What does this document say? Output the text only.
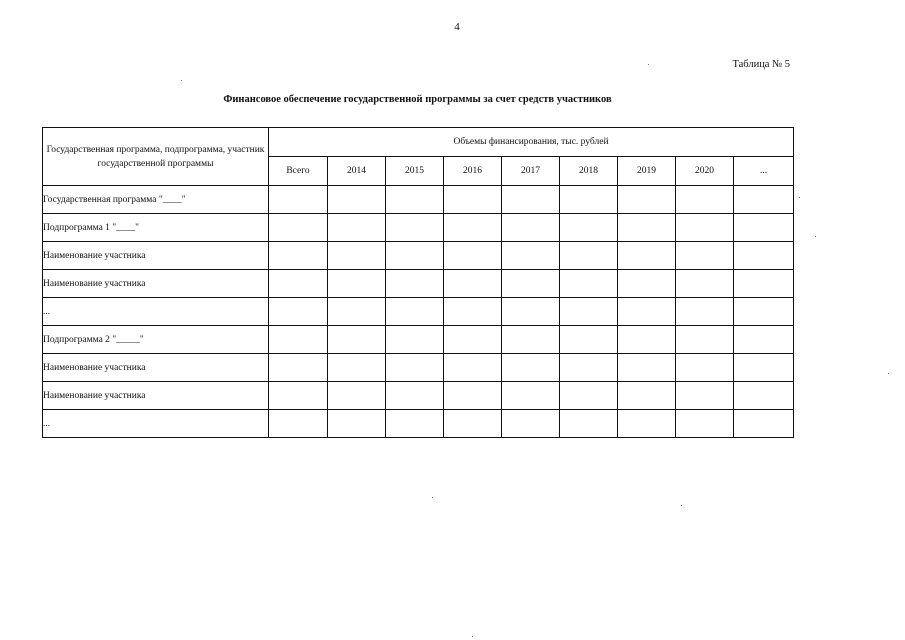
4
Таблица № 5
Финансовое обеспечение государственной программы за счет средств участников
Государственная программа, подпрограмма, участник государственной программы	Объемы финансирования, тыс. рублей								
	Всего	2014	2015	2016	2017	2018	2019	2020	...
Государственная программа "____"									
Подпрограмма 1 "____"									
Наименование участника									
Наименование участника									
...									
Подпрограмма 2 "_____"									
Наименование участника									
Наименование участника									
...									
